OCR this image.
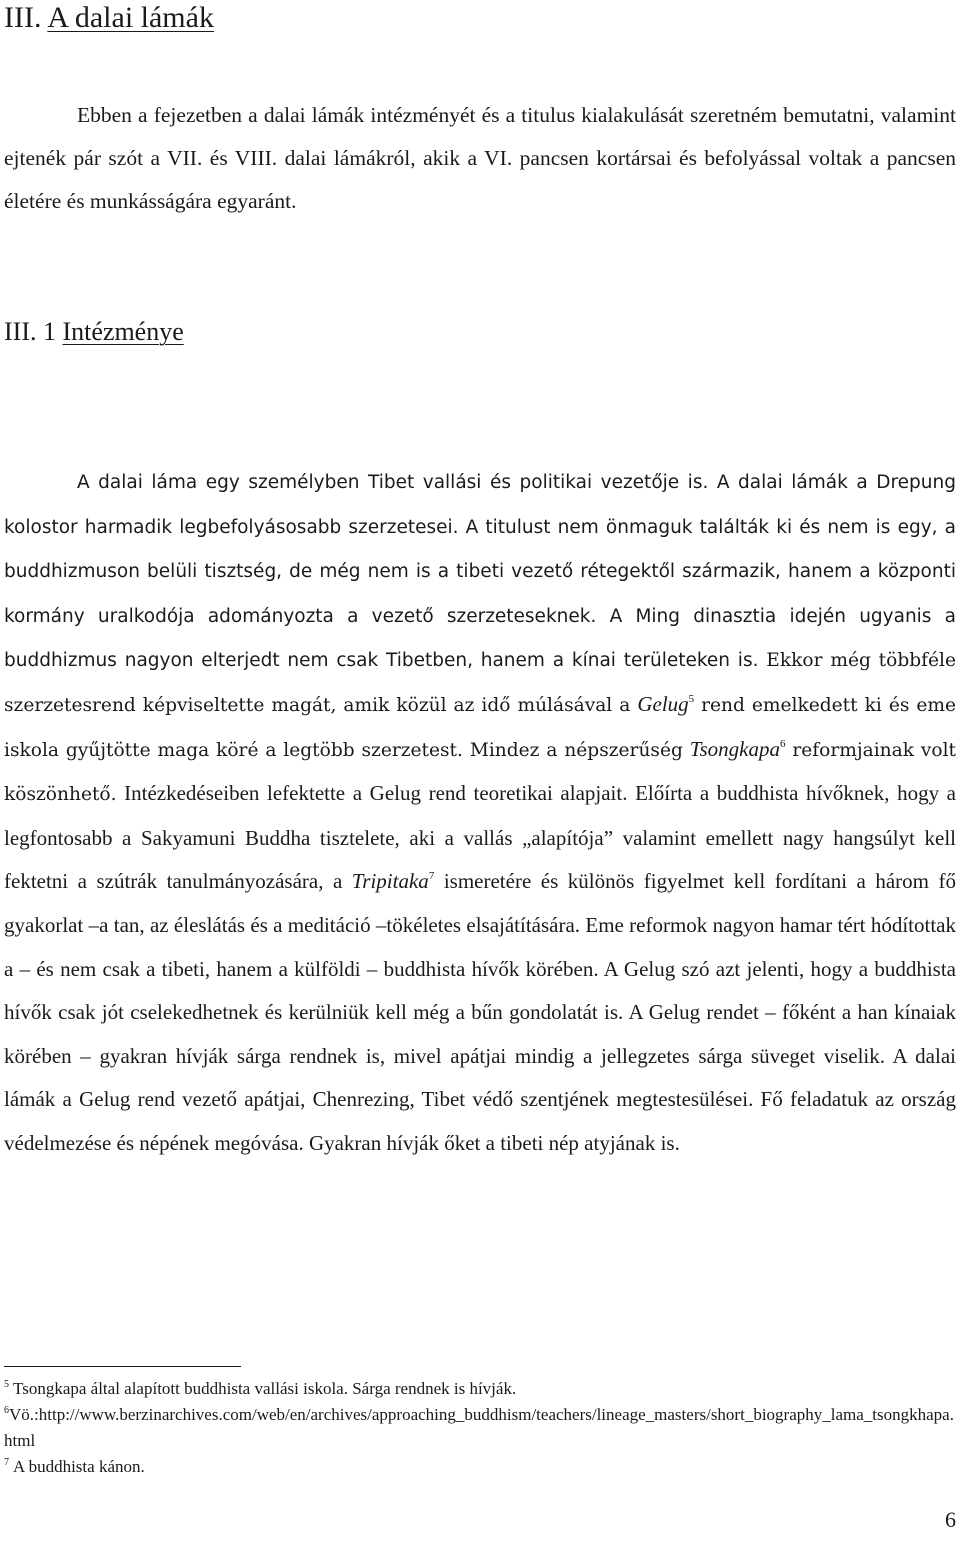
III. A dalai lámák

Ebben a fejezetben a dalai lámák intézményét és a titulus kialakulását szeretném bemutatni, valamint ejtenék pár szót a VII. és VIII. dalai lámákról, akik a VI. pancsen kortársai és befolyással voltak a pancsen életére és munkásságára egyaránt.

III. 1 Intézménye

A dalai láma egy személyben Tibet vallási és politikai vezetője is. A dalai lámák a Drepung kolostor harmadik legbefolyásosabb szerzetesei. A titulust nem önmaguk találták ki és nem is egy, a buddhizmuson belüli tisztség, de még nem is a tibeti vezető rétegektől származik, hanem a központi kormány uralkodója adományozta a vezető szerzeteseknek. A Ming dinasztia idején ugyanis a buddhizmus nagyon elterjedt nem csak Tibetben, hanem a kínai területeken is. Ekkor még többféle szerzetesrend képviseltette magát, amik közül az idő múlásával a Gelug$^5$ rend emelkedett ki és eme iskola gyűjtötte maga köré a legtöbb szerzetest. Mindez a népszerűség Tsongkapa$^6$ reformjainak volt köszönhető. Intézkedéseiben lefektette a Gelug rend teoretikai alapjait. Előírta a buddhista hívőknek, hogy a legfontosabb a Sakyamuni Buddha tisztelete, aki a vallás „alapítója” valamint emellett nagy hangsúlyt kell fektetni a szútrák tanulmányozására, a Tripitaka$^7$ ismeretére és különös figyelmet kell fordítani a három fő gyakorlat –a tan, az éleslátás és a meditáció –tökéletes elsajátítására. Eme reformok nagyon hamar tért hódítottak a – és nem csak a tibeti, hanem a külföldi – buddhista hívők körében. A Gelug szó azt jelenti, hogy a buddhista hívők csak jót cselekedhetnek és kerülniük kell még a bűn gondolatát is. A Gelug rendet – főként a han kínaiak körében – gyakran hívják sárga rendnek is, mivel apátjai mindig a jellegzetes sárga süveget viselik. A dalai lámák a Gelug rend vezető apátjai, Chenrezing, Tibet védő szentjének megtestesülései. Fő feladatuk az ország védelmezése és népének megóvása. Gyakran hívják őket a tibeti nép atyjának is.

$^5$ Tsongkapa által alapított buddhista vallási iskola. Sárga rendnek is hívják.

$^6$Vö.:http://www.berzinarchives.com/web/en/archives/approaching_buddhism/teachers/lineage_masters/short_biography_lama_tsongkhapa.html

$^7$ A buddhista kánon.

6
